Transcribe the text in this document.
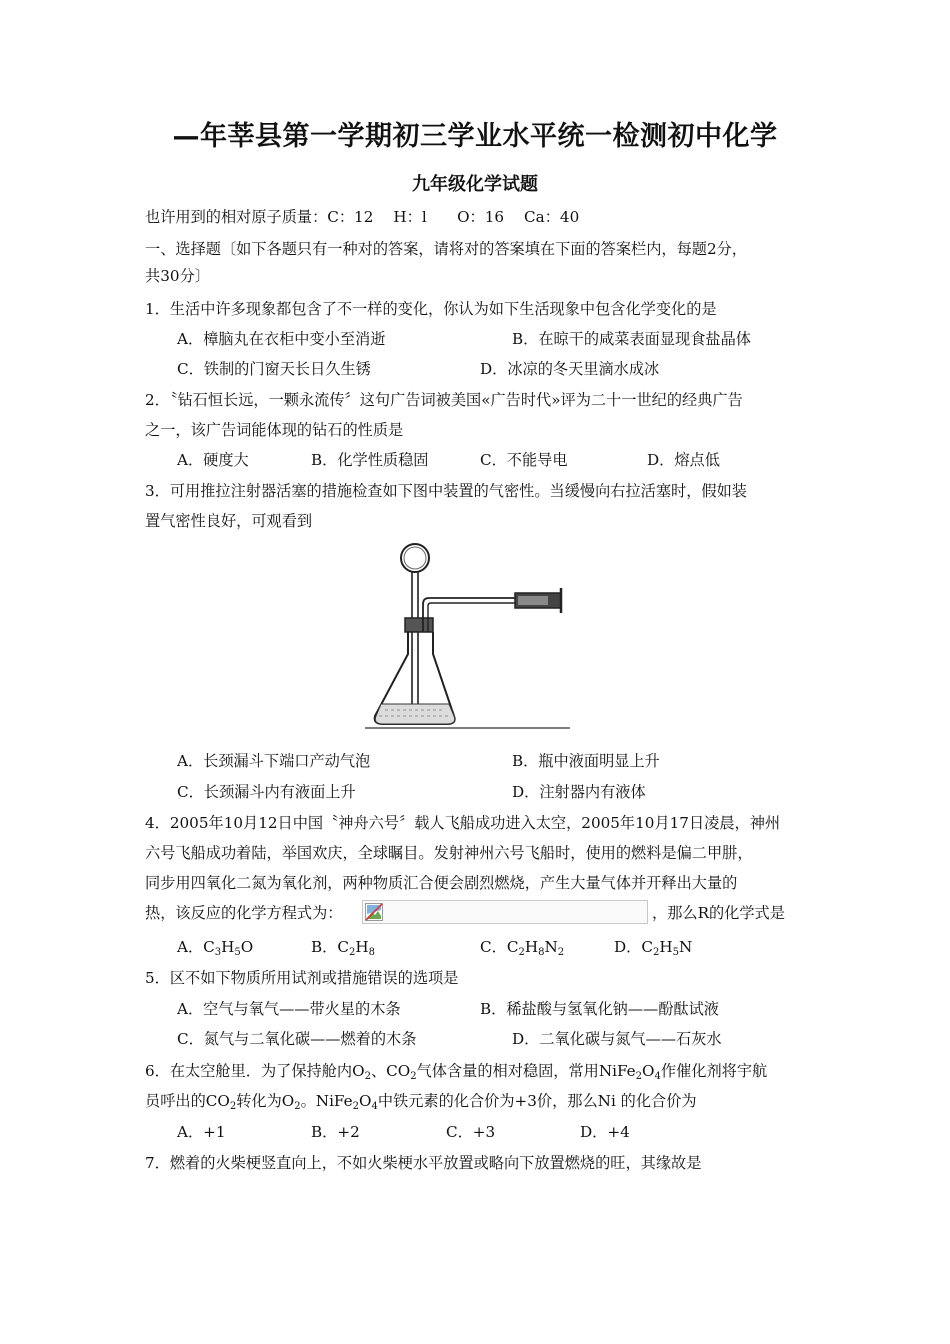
—年莘县第一学期初三学业水平统一检测初中化学
九年级化学试题
也许用到的相对原子质量：C：12　 H：l　　O：16　 Ca：40
一、选择题〔如下各题只有一种对的答案，请将对的答案填在下面的答案栏内，每题2分，
共30分〕
1．生活中许多现象都包含了不一样的变化，你认为如下生活现象中包含化学变化的是
A．樟脑丸在衣柜中变小至消逝	B．在晾干的咸菜表面显现食盐晶体
C．铁制的门窗天长日久生锈	D．冰凉的冬天里滴水成冰
2．〝钻石恒长远，一颗永流传〞这句广告词被美国«广告时代»评为二十一世纪的经典广告
之一，该广告词能体现的钻石的性质是
A．硬度大	B．化学性质稳固	C．不能导电	D．熔点低
3．可用推拉注射器活塞的措施检查如下图中装置的气密性。当缓慢向右拉活塞时，假如装
置气密性良好，可观看到
A．长颈漏斗下端口产动气泡	B．瓶中液面明显上升
C．长颈漏斗内有液面上升	D．注射器内有液体
4．2005年10月12日中国〝神舟六号〞载人飞船成功进入太空，2005年10月17日凌晨，神州
六号飞船成功着陆，举国欢庆，全球瞩目。发射神州六号飞船时，使用的燃料是偏二甲肼，
同步用四氧化二氮为氧化剂，两种物质汇合便会剧烈燃烧，产生大量气体并开释出大量的
热，该反应的化学方程式为：	，那么R的化学式是
A．$C_3H_5O$	B．$C_2H_8$	C．$C_2H_8N_2$	D．$C_2H_5N$
5．区不如下物质所用试剂或措施错误的选项是
A．空气与氧气——带火星的木条	B．稀盐酸与氢氧化钠——酚酞试液
C．氮气与二氧化碳——燃着的木条	D．二氧化碳与氮气——石灰水
6．在太空舱里．为了保持舱内$O_2$、$CO_2$气体含量的相对稳固，常用$NiFe_2O_4$作催化剂将宇航
员呼出的$CO_2$转化为$O_2$。$NiFe_2O_4$中铁元素的化合价为+3价，那么Ni 的化合价为
A．+1	B．+2	C．+3	D．+4
7．燃着的火柴梗竖直向上，不如火柴梗水平放置或略向下放置燃烧的旺，其缘故是
